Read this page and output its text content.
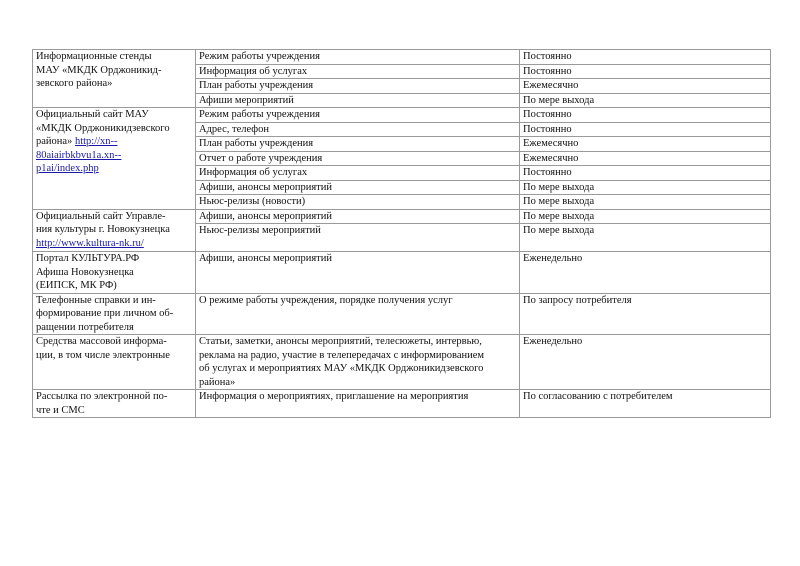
Информационные стенды
МАУ «МКДК Орджоникид-
зевского района»	Режим работы учреждения	Постоянно
	Информация об услугах	Постоянно
	План работы учреждения	Ежемесячно
	Афиши мероприятий	По мере выхода
Официальный сайт МАУ
«МКДК Орджоникидзевского
района» http://xn--
80aiairbkbvu1a.xn--
p1ai/index.php	Режим работы учреждения	Постоянно
	Адрес, телефон	Постоянно
	План работы учреждения	Ежемесячно
	Отчет о работе учреждения	Ежемесячно
	Информация об услугах	Постоянно
	Афиши, анонсы мероприятий	По мере выхода
	Ньюс-релизы (новости)	По мере выхода
Официальный сайт Управле-
ния культуры г. Новокузнецка
http://www.kultura-nk.ru/	Афиши, анонсы мероприятий	По мере выхода
	Ньюс-релизы мероприятий	По мере выхода
Портал КУЛЬТУРА.РФ
Афиша Новокузнецка
(ЕИПСК, МК РФ)	Афиши, анонсы мероприятий	Еженедельно
Телефонные справки и ин-
формирование при личном об-
ращении потребителя	О режиме работы учреждения, порядке получения услуг	По запросу потребителя
Средства массовой информа-
ции, в том числе электронные	Статьи, заметки, анонсы мероприятий, телесюжеты, интервью,
реклама на радио, участие в телепередачах с информированием
об услугах и мероприятиях МАУ «МКДК Орджоникидзевского
района»	Еженедельно
Рассылка по электронной по-
чте и СМС	Информация о мероприятиях, приглашение на мероприятия	По согласованию с потребителем
